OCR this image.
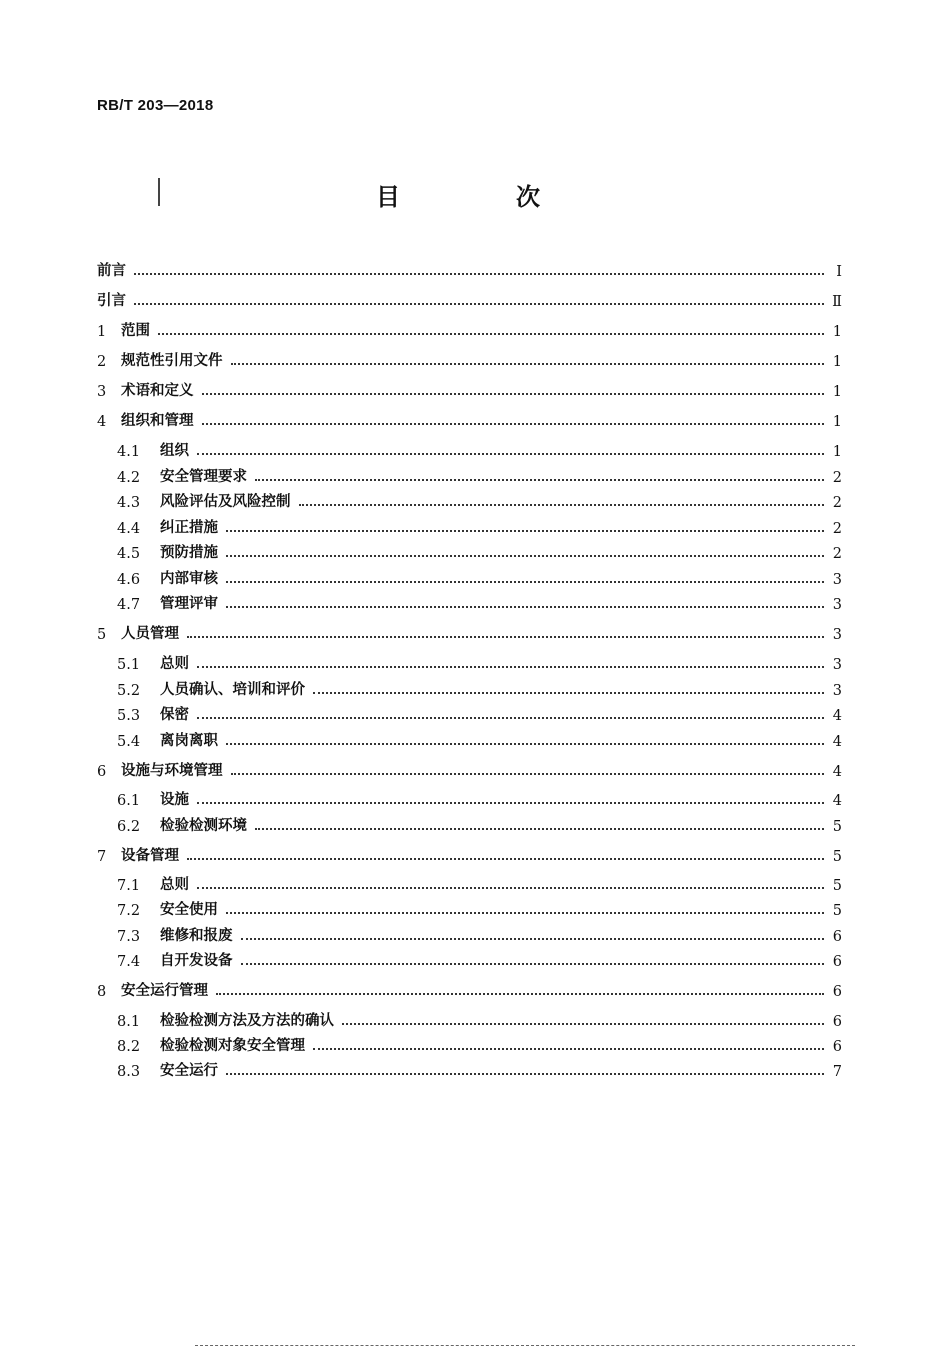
RB/T 203—2018
目　次
前言	Ⅰ
引言	Ⅱ
1	范围	1
2	规范性引用文件	1
3	术语和定义	1
4	组织和管理	1
4.1	组织	1
4.2	安全管理要求	2
4.3	风险评估及风险控制	2
4.4	纠正措施	2
4.5	预防措施	2
4.6	内部审核	3
4.7	管理评审	3
5	人员管理	3
5.1	总则	3
5.2	人员确认、培训和评价	3
5.3	保密	4
5.4	离岗离职	4
6	设施与环境管理	4
6.1	设施	4
6.2	检验检测环境	5
7	设备管理	5
7.1	总则	5
7.2	安全使用	5
7.3	维修和报废	6
7.4	自开发设备	6
8	安全运行管理	6
8.1	检验检测方法及方法的确认	6
8.2	检验检测对象安全管理	6
8.3	安全运行	7
